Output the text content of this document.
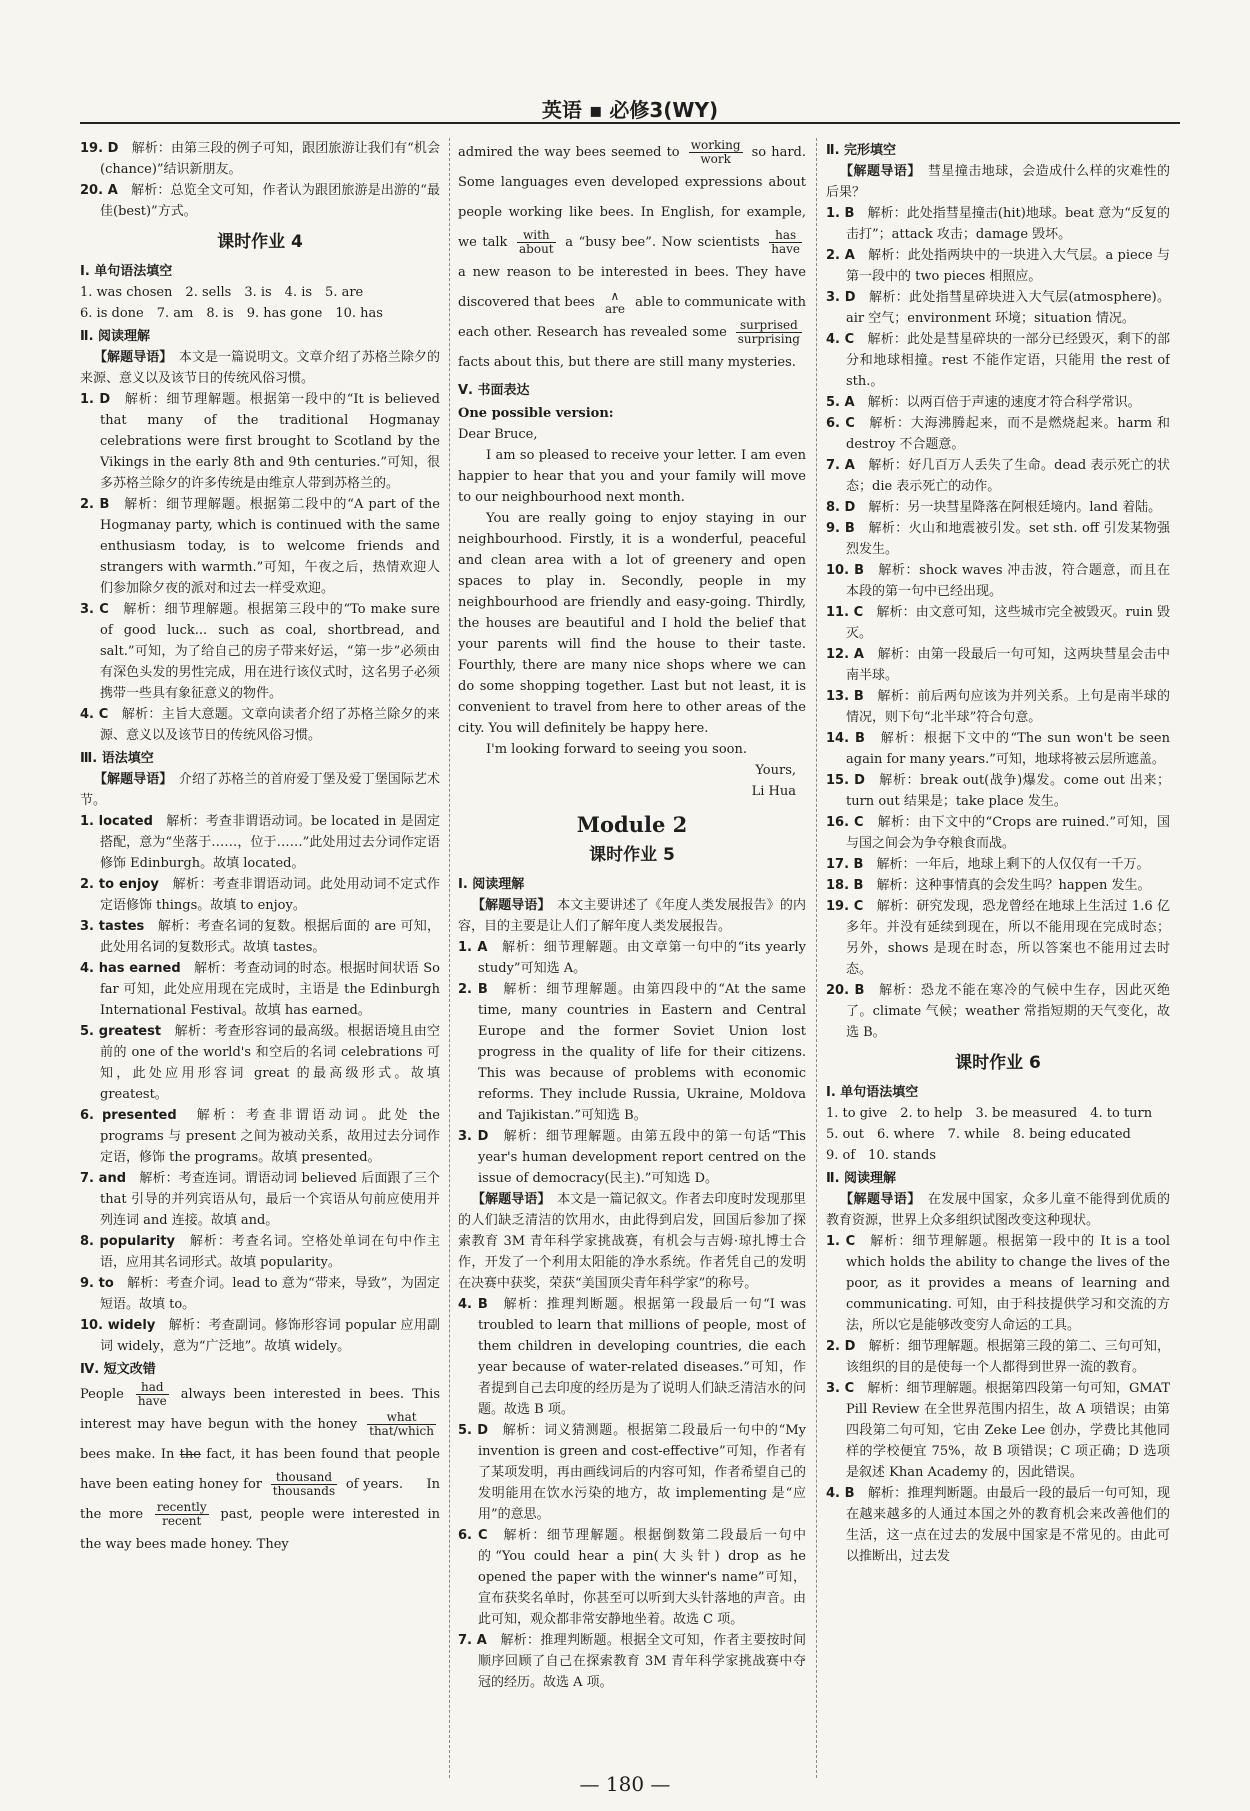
英语 ▪ 必修3(WY)

19. D　 解析：由第三段的例子可知，跟团旅游让我们有“机会(chance)”结识新朋友。

20. A　 解析：总览全文可知，作者认为跟团旅游是出游的“最佳(best)”方式。

课时作业 4

Ⅰ. 单句语法填空

1. was chosen　2. sells　3. is　4. is　5. are

6. is done　7. am　8. is　9. has gone　10. has

Ⅱ. 阅读理解

【解题导语】　 本文是一篇说明文。文章介绍了苏格兰除夕的来源、意义以及该节日的传统风俗习惯。

1. D　 解析：细节理解题。根据第一段中的“It is believed that many of the traditional Hogmanay celebrations were first brought to Scotland by the Vikings in the early 8th and 9th centuries.”可知，很多苏格兰除夕的许多传统是由维京人带到苏格兰的。

2. B　 解析：细节理解题。根据第二段中的“A part of the Hogmanay party, which is continued with the same enthusiasm today, is to welcome friends and strangers with warmth.”可知，午夜之后，热情欢迎人们参加除夕夜的派对和过去一样受欢迎。

3. C　 解析：细节理解题。根据第三段中的“To make sure of good luck... such as coal, shortbread, and salt.”可知，为了给自己的房子带来好运，“第一步”必须由有深色头发的男性完成，用在进行该仪式时，这名男子必须携带一些具有象征意义的物件。

4. C　 解析：主旨大意题。文章向读者介绍了苏格兰除夕的来源、意义以及该节日的传统风俗习惯。

Ⅲ. 语法填空

【解题导语】　 介绍了苏格兰的首府爱丁堡及爱丁堡国际艺术节。

1. located　 解析：考查非谓语动词。be located in 是固定搭配，意为“坐落于……，位于……”此处用过去分词作定语修饰 Edinburgh。故填 located。

2. to enjoy　 解析：考查非谓语动词。此处用动词不定式作定语修饰 things。故填 to enjoy。

3. tastes　 解析：考查名词的复数。根据后面的 are 可知，此处用名词的复数形式。故填 tastes。

4. has earned　 解析：考查动词的时态。根据时间状语 So far 可知，此处应用现在完成时，主语是 the Edinburgh International Festival。故填 has earned。

5. greatest　 解析：考查形容词的最高级。根据语境且由空前的 one of the world's 和空后的名词 celebrations 可知，此处应用形容词 great 的最高级形式。故填 greatest。

6. presented　 解析：考查非谓语动词。此处 the programs 与 present 之间为被动关系，故用过去分词作定语，修饰 the programs。故填 presented。

7. and　 解析：考查连词。谓语动词 believed 后面跟了三个 that 引导的并列宾语从句，最后一个宾语从句前应使用并列连词 and 连接。故填 and。

8. popularity　 解析：考查名词。空格处单词在句中作主语，应用其名词形式。故填 popularity。

9. to　 解析：考查介词。lead to 意为“带来，导致”，为固定短语。故填 to。

10. widely　 解析：考查副词。修饰形容词 popular 应用副词 widely，意为“广泛地”。故填 widely。

Ⅳ. 短文改错

People	had
have always been interested in bees. This interest may have begun with the honey	what
that/which
bees make. In the fact, it has been found that people have been eating honey for	thousand
thousands of years. In the more recently
recent	past, people were interested in the way bees made honey. They

admired the way bees seemed to working
work	so hard. Some languages even developed expressions about people working like bees. In English, for example, we talk	with
about a “busy bee”. Now scientists	has
have
a new reason to be interested in bees. They have discovered that bees	∧
are able to communicate with each other. Research has revealed some	surprised
surprising
facts about this, but there are still many mysteries.

Ⅴ. 书面表达

One possible version:

Dear Bruce,

I am so pleased to receive your letter. I am even happier to hear that you and your family will move to our neighbourhood next month.

You are really going to enjoy staying in our neighbourhood. Firstly, it is a wonderful, peaceful and clean area with a lot of greenery and open spaces to play in. Secondly, people in my neighbourhood are friendly and easy-going. Thirdly, the houses are beautiful and I hold the belief that your parents will find the house to their taste. Fourthly, there are many nice shops where we can do some shopping together. Last but not least, it is convenient to travel from here to other areas of the city. You will definitely be happy here.

I'm looking forward to seeing you soon.

Yours,

Li Hua

Module 2
课时作业 5

Ⅰ. 阅读理解

【解题导语】　 本文主要讲述了《年度人类发展报告》的内容，目的主要是让人们了解年度人类发展报告。

1. A　 解析：细节理解题。由文章第一句中的“its yearly study”可知选 A。

2. B　 解析：细节理解题。由第四段中的“At the same time, many countries in Eastern and Central Europe and the former Soviet Union lost progress in the quality of life for their citizens. This was because of problems with economic reforms. They include Russia, Ukraine, Moldova and Tajikistan.”可知选 B。

3. D　 解析：细节理解题。由第五段中的第一句话“This year's human development report centred on the issue of democracy(民主).”可知选 D。

【解题导语】　 本文是一篇记叙文。作者去印度时发现那里的人们缺乏清洁的饮用水，由此得到启发，回国后参加了探索教育 3M 青年科学家挑战赛，有机会与吉姆·琼扎博士合作，开发了一个利用太阳能的净水系统。作者凭自己的发明在决赛中获奖，荣获“美国顶尖青年科学家”的称号。

4. B　 解析：推理判断题。根据第一段最后一句“I was troubled to learn that millions of people, most of them children in developing countries, die each year because of water-related diseases.”可知，作者提到自己去印度的经历是为了说明人们缺乏清洁水的问题。故选 B 项。

5. D　 解析：词义猜测题。根据第二段最后一句中的“My invention is green and cost-effective”可知，作者有了某项发明，再由画线词后的内容可知，作者希望自己的发明能用在饮水污染的地方，故 implementing 是“应用”的意思。

6. C　 解析：细节理解题。根据倒数第二段最后一句中的“You could hear a pin(大头针) drop as he opened the paper with the winner's name”可知，宣布获奖名单时，你甚至可以听到大头针落地的声音。由此可知，观众都非常安静地坐着。故选 C 项。

7. A　 解析：推理判断题。根据全文可知，作者主要按时间顺序回顾了自己在探索教育 3M 青年科学家挑战赛中夺冠的经历。故选 A 项。

Ⅱ. 完形填空

【解题导语】　 彗星撞击地球，会造成什么样的灾难性的后果？

1. B　 解析：此处指彗星撞击(hit)地球。beat 意为“反复的击打”；attack 攻击；damage 毁坏。

2. A　 解析：此处指两块中的一块进入大气层。a piece 与第一段中的 two pieces 相照应。

3. D　 解析：此处指彗星碎块进入大气层(atmosphere)。air 空气；environment 环境；situation 情况。

4. C　 解析：此处是彗星碎块的一部分已经毁灭，剩下的部分和地球相撞。rest 不能作定语，只能用 the rest of sth.。

5. A　 解析：以两百倍于声速的速度才符合科学常识。

6. C　 解析：大海沸腾起来，而不是燃烧起来。harm 和 destroy 不合题意。

7. A　 解析：好几百万人丢失了生命。dead 表示死亡的状态；die 表示死亡的动作。

8. D　 解析：另一块彗星降落在阿根廷境内。land 着陆。

9. B　 解析：火山和地震被引发。set sth. off 引发某物强烈发生。

10. B　 解析：shock waves 冲击波，符合题意，而且在本段的第一句中已经出现。

11. C　 解析：由文意可知，这些城市完全被毁灭。ruin 毁灭。

12. A　 解析：由第一段最后一句可知，这两块彗星会击中南半球。

13. B　 解析：前后两句应该为并列关系。上句是南半球的情况，则下句“北半球”符合句意。

14. B　 解析：根据下文中的“The sun won't be seen again for many years.”可知，地球将被云层所遮盖。

15. D　 解析：break out(战争)爆发。come out 出来；turn out 结果是；take place 发生。

16. C　 解析：由下文中的“Crops are ruined.”可知，国与国之间会为争夺粮食而战。

17. B　 解析：一年后，地球上剩下的人仅仅有一千万。

18. B　 解析：这种事情真的会发生吗？happen 发生。

19. C　 解析：研究发现，恐龙曾经在地球上生活过 1.6 亿多年。并没有延续到现在，所以不能用现在完成时态；另外，shows 是现在时态，所以答案也不能用过去时态。

20. B　 解析：恐龙不能在寒冷的气候中生存，因此灭绝了。climate 气候；weather 常指短期的天气变化，故选 B。

课时作业 6

Ⅰ. 单句语法填空

1. to give　2. to help　3. be measured　4. to turn

5. out　6. where　7. while　8. being educated

9. of　10. stands

Ⅱ. 阅读理解

【解题导语】　 在发展中国家，众多儿童不能得到优质的教育资源，世界上众多组织试图改变这种现状。

1. C　 解析：细节理解题。根据第一段中的 It is a tool which holds the ability to change the lives of the poor, as it provides a means of learning and communicating. 可知，由于科技提供学习和交流的方法，所以它是能够改变穷人命运的工具。

2. D　 解析：细节理解题。根据第三段的第二、三句可知，该组织的目的是使每一个人都得到世界一流的教育。

3. C　 解析：细节理解题。根据第四段第一句可知，GMAT Pill Review 在全世界范围内招生，故 A 项错误；由第四段第二句可知，它由 Zeke Lee 创办，学费比其他同样的学校便宜 75%，故 B 项错误；C 项正确；D 选项是叙述 Khan Academy 的，因此错误。

4. B　 解析：推理判断题。由最后一段的最后一句可知，现在越来越多的人通过本国之外的教育机会来改善他们的生活，这一点在过去的发展中国家是不常见的。由此可以推断出，过去发

— 180 —
